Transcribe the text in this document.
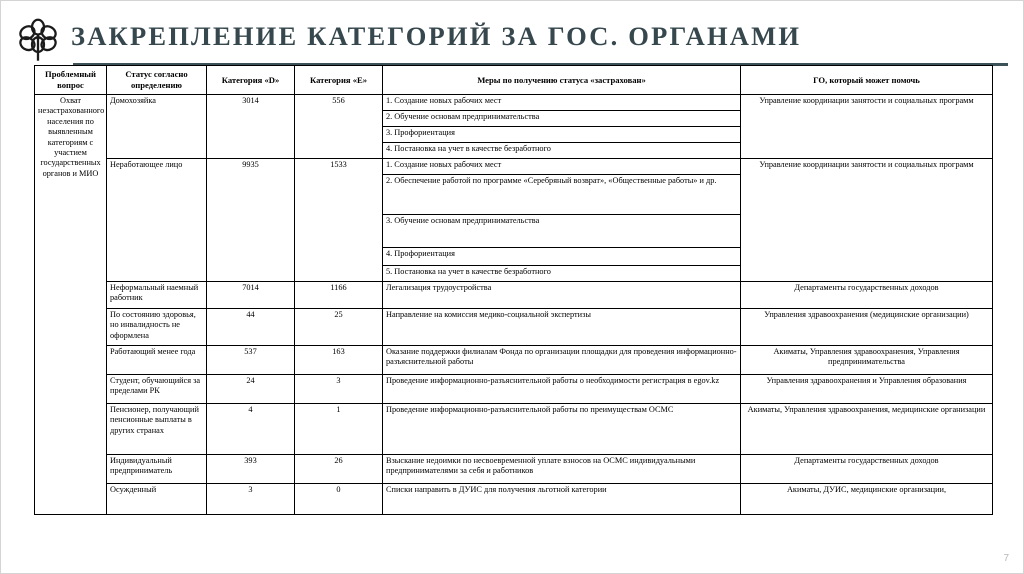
ЗАКРЕПЛЕНИЕ КАТЕГОРИЙ ЗА ГОС. ОРГАНАМИ
Проблемный вопрос	Статус согласно определению	Категория «D»	Категория «E»	Меры по получению статуса «застрахован»	ГО, который может помочь
Охват незастрахованного населения по выявленным категориям с участием государственных органов и МИО	Домохозяйка	3014	556	1. Создание новых рабочих мест	Управление координации занятости и социальных программ
				2. Обучение основам предпринимательства	
				3. Профориентация	
				4. Постановка на учет в качестве безработного	
	Неработающее лицо	9935	1533	1. Создание новых рабочих мест	Управление координации занятости и социальных программ
				2. Обеспечение работой по программе «Серебряный возврат», «Общественные работы» и др.	
				3. Обучение основам предпринимательства	
				4. Профориентация	
				5. Постановка на учет в качестве безработного	
	Неформальный наемный работник	7014	1166	Легализация трудоустройства	Департаменты государственных доходов
	По состоянию здоровья, но инвалидность не оформлена	44	25	Направление на комиссия медико-социальной экспертизы	Управления здравоохранения (медицинские организации)
	Работающий менее года	537	163	Оказание поддержки филиалам Фонда по организации площадки для проведения информационно-разъяснительной работы	Акиматы, Управления здравоохранения, Управления предпринимательства
	Студент, обучающийся за пределами РК	24	3	Проведение информационно-разъяснительной работы о необходимости регистрация в egov.kz	Управления здравоохранения и Управления образования
	Пенсионер, получающий пенсионные выплаты в других странах	4	1	Проведение информационно-разъяснительной работы по преимуществам ОСМС	Акиматы, Управления здравоохранения, медицинские организации
	Индивидуальный предприниматель	393	26	Взыскание недоимки по несвоевременной уплате взносов на ОСМС индивидуальными предпринимателями за себя и работников	Департаменты государственных доходов
	Осужденный	3	0	Списки направить в ДУИС для получения льготной категории	Акиматы, ДУИС, медицинские организации,
7
